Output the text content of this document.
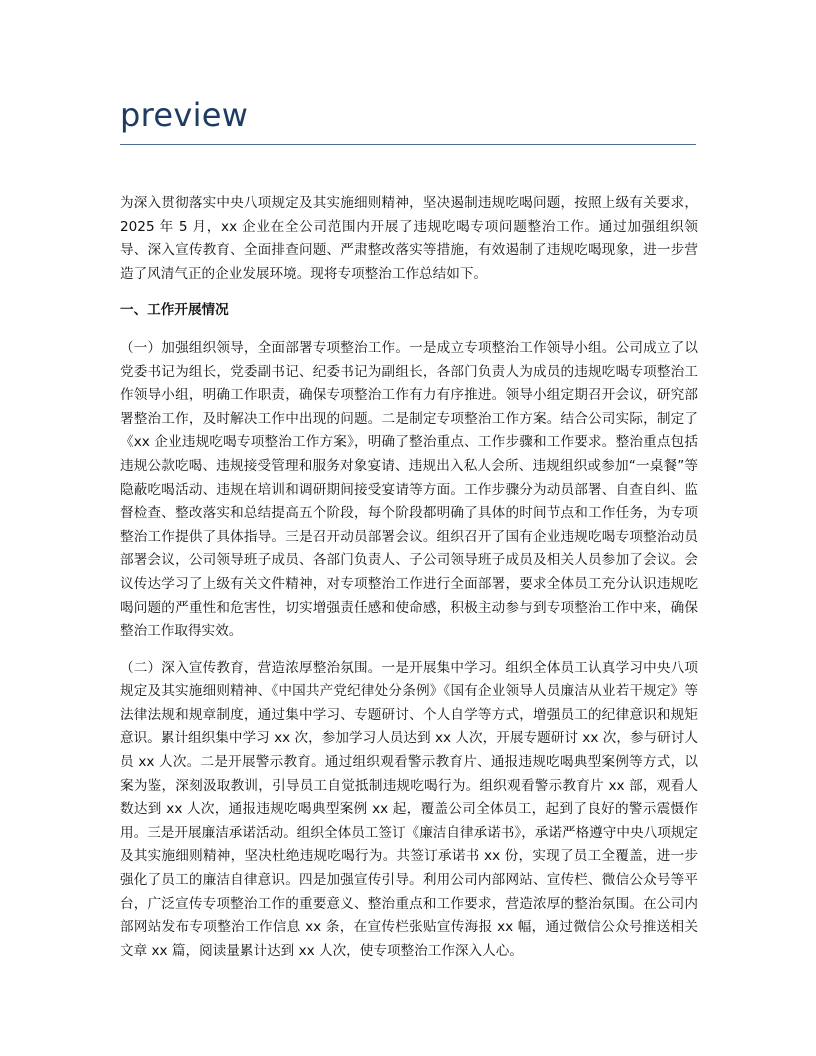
preview

为深入贯彻落实中央八项规定及其实施细则精神，坚决遏制违规吃喝问题，按照上级有关要求，2025 年 5 月，xx 企业在全公司范围内开展了违规吃喝专项问题整治工作。通过加强组织领导、深入宣传教育、全面排查问题、严肃整改落实等措施，有效遏制了违规吃喝现象，进一步营造了风清气正的企业发展环境。现将专项整治工作总结如下。

一、工作开展情况

（一）加强组织领导，全面部署专项整治工作。一是成立专项整治工作领导小组。公司成立了以党委书记为组长，党委副书记、纪委书记为副组长，各部门负责人为成员的违规吃喝专项整治工作领导小组，明确工作职责，确保专项整治工作有力有序推进。领导小组定期召开会议，研究部署整治工作，及时解决工作中出现的问题。二是制定专项整治工作方案。结合公司实际，制定了《xx 企业违规吃喝专项整治工作方案》，明确了整治重点、工作步骤和工作要求。整治重点包括违规公款吃喝、违规接受管理和服务对象宴请、违规出入私人会所、违规组织或参加“一桌餐”等隐蔽吃喝活动、违规在培训和调研期间接受宴请等方面。工作步骤分为动员部署、自查自纠、监督检查、整改落实和总结提高五个阶段，每个阶段都明确了具体的时间节点和工作任务，为专项整治工作提供了具体指导。三是召开动员部署会议。组织召开了国有企业违规吃喝专项整治动员部署会议，公司领导班子成员、各部门负责人、子公司领导班子成员及相关人员参加了会议。会议传达学习了上级有关文件精神，对专项整治工作进行全面部署，要求全体员工充分认识违规吃喝问题的严重性和危害性，切实增强责任感和使命感，积极主动参与到专项整治工作中来，确保整治工作取得实效。

（二）深入宣传教育，营造浓厚整治氛围。一是开展集中学习。组织全体员工认真学习中央八项规定及其实施细则精神、《中国共产党纪律处分条例》《国有企业领导人员廉洁从业若干规定》等法律法规和规章制度，通过集中学习、专题研讨、个人自学等方式，增强员工的纪律意识和规矩意识。累计组织集中学习 xx 次，参加学习人员达到 xx 人次，开展专题研讨 xx 次，参与研讨人员 xx 人次。二是开展警示教育。通过组织观看警示教育片、通报违规吃喝典型案例等方式，以案为鉴，深刻汲取教训，引导员工自觉抵制违规吃喝行为。组织观看警示教育片 xx 部，观看人数达到 xx 人次，通报违规吃喝典型案例 xx 起，覆盖公司全体员工，起到了良好的警示震慑作用。三是开展廉洁承诺活动。组织全体员工签订《廉洁自律承诺书》，承诺严格遵守中央八项规定及其实施细则精神，坚决杜绝违规吃喝行为。共签订承诺书 xx 份，实现了员工全覆盖，进一步强化了员工的廉洁自律意识。四是加强宣传引导。利用公司内部网站、宣传栏、微信公众号等平台，广泛宣传专项整治工作的重要意义、整治重点和工作要求，营造浓厚的整治氛围。在公司内部网站发布专项整治工作信息 xx 条，在宣传栏张贴宣传海报 xx 幅，通过微信公众号推送相关文章 xx 篇，阅读量累计达到 xx 人次，使专项整治工作深入人心。
